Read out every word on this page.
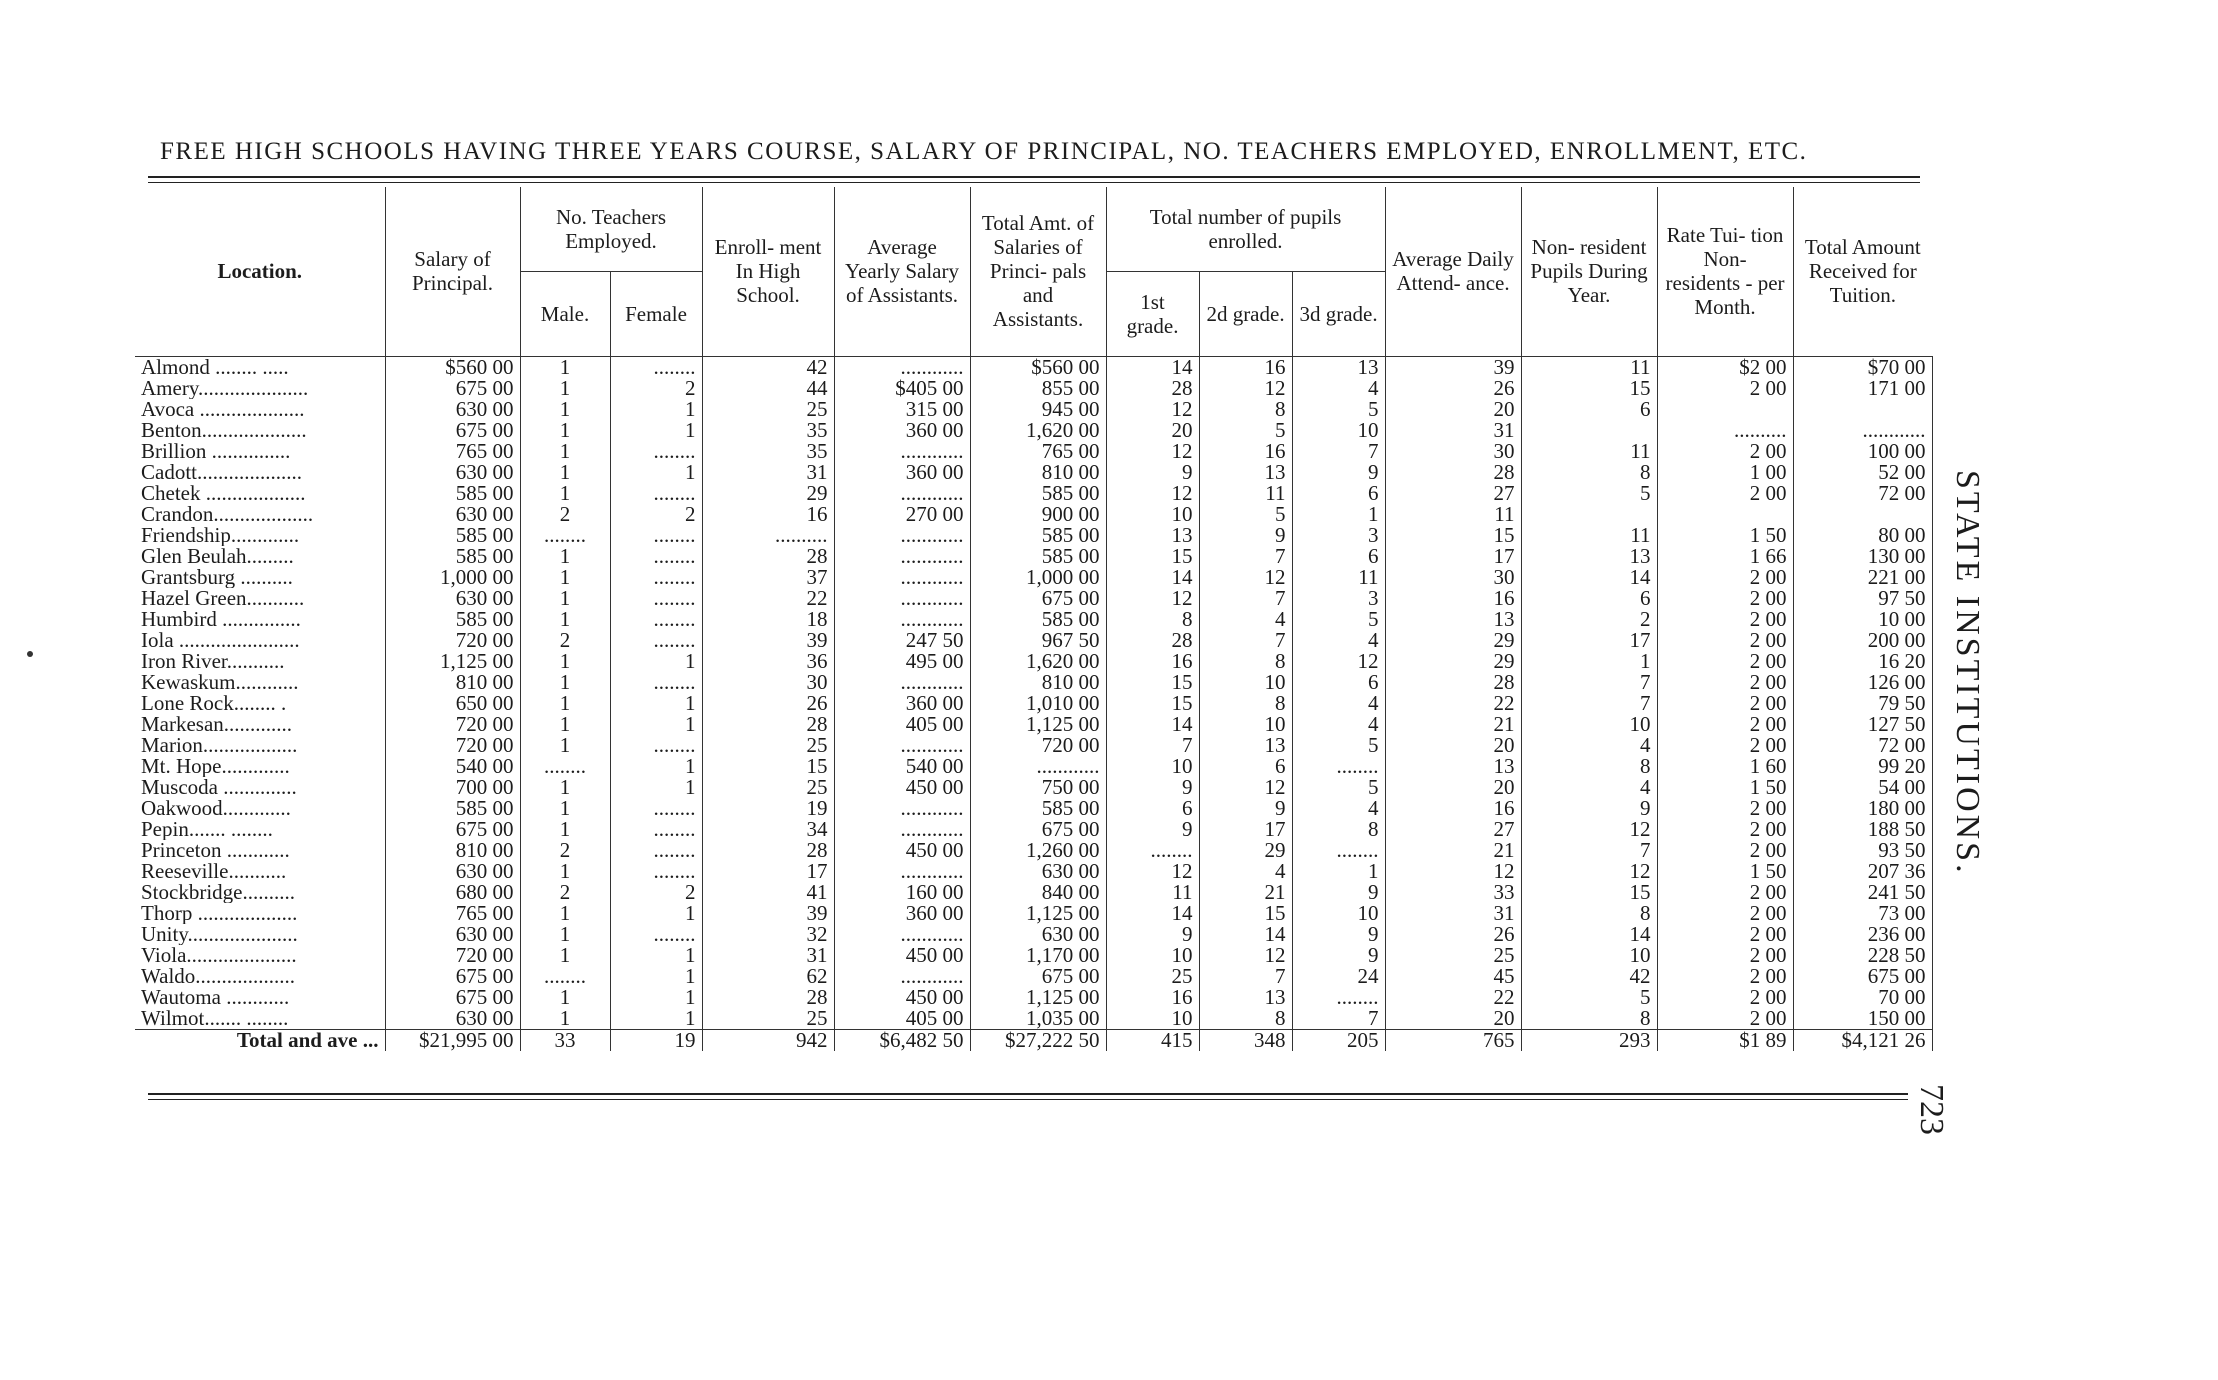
FREE HIGH SCHOOLS HAVING THREE YEARS COURSE, SALARY OF PRINCIPAL, NO. TEACHERS EMPLOYED, ENROLLMENT, ETC.
Location.	Salary of Principal.	No. Teachers Employed.		Enroll- ment In High School.	Average Yearly Salary of Assistants.	Total Amt. of Salaries of Princi- pals and Assistants.	Total number of pupils enrolled.			Average Daily Attend- ance.	Non- resident Pupils During Year.	Rate Tui- tion Non- residents - per Month.	Total Amount Received for Tuition.
		Male.	Female				1st grade.	2d grade.	3d grade.				
Almond ........ .....	$560 00	1	........	42	............	$560 00	14	16	13	39	11	$2 00	$70 00
Amery.....................	675 00	1	2	44	$405 00	855 00	28	12	4	26	15	2 00	171 00
Avoca ....................	630 00	1	1	25	315 00	945 00	12	8	5	20	6		
Benton....................	675 00	1	1	35	360 00	1,620 00	20	5	10	31		..........	............
Brillion ...............	765 00	1	........	35	............	765 00	12	16	7	30	11	2 00	100 00
Cadott....................	630 00	1	1	31	360 00	810 00	9	13	9	28	8	1 00	52 00
Chetek ...................	585 00	1	........	29	............	585 00	12	11	6	27	5	2 00	72 00
Crandon...................	630 00	2	2	16	270 00	900 00	10	5	1	11			
Friendship.............	585 00	........	........	..........	............	585 00	13	9	3	15	11	1 50	80 00
Glen Beulah.........	585 00	1	........	28	............	585 00	15	7	6	17	13	1 66	130 00
Grantsburg ..........	1,000 00	1	........	37	............	1,000 00	14	12	11	30	14	2 00	221 00
Hazel Green...........	630 00	1	........	22	............	675 00	12	7	3	16	6	2 00	97 50
Humbird ...............	585 00	1	........	18	............	585 00	8	4	5	13	2	2 00	10 00
Iola .......................	720 00	2	........	39	247 50	967 50	28	7	4	29	17	2 00	200 00
Iron River...........	1,125 00	1	1	36	495 00	1,620 00	16	8	12	29	1	2 00	16 20
Kewaskum............	810 00	1	........	30	............	810 00	15	10	6	28	7	2 00	126 00
Lone Rock........ .	650 00	1	1	26	360 00	1,010 00	15	8	4	22	7	2 00	79 50
Markesan.............	720 00	1	1	28	405 00	1,125 00	14	10	4	21	10	2 00	127 50
Marion..................	720 00	1	........	25	............	720 00	7	13	5	20	4	2 00	72 00
Mt. Hope.............	540 00	........	1	15	540 00	............	10	6	........	13	8	1 60	99 20
Muscoda ..............	700 00	1	1	25	450 00	750 00	9	12	5	20	4	1 50	54 00
Oakwood.............	585 00	1	........	19	............	585 00	6	9	4	16	9	2 00	180 00
Pepin....... ........	675 00	1	........	34	............	675 00	9	17	8	27	12	2 00	188 50
Princeton ............	810 00	2	........	28	450 00	1,260 00	........	29	........	21	7	2 00	93 50
Reeseville...........	630 00	1	........	17	............	630 00	12	4	1	12	12	1 50	207 36
Stockbridge..........	680 00	2	2	41	160 00	840 00	11	21	9	33	15	2 00	241 50
Thorp ...................	765 00	1	1	39	360 00	1,125 00	14	15	10	31	8	2 00	73 00
Unity.....................	630 00	1	........	32	............	630 00	9	14	9	26	14	2 00	236 00
Viola.....................	720 00	1	1	31	450 00	1,170 00	10	12	9	25	10	2 00	228 50
Waldo...................	675 00	........	1	62	............	675 00	25	7	24	45	42	2 00	675 00
Wautoma ............	675 00	1	1	28	450 00	1,125 00	16	13	........	22	5	2 00	70 00
Wilmot....... ........	630 00	1	1	25	405 00	1,035 00	10	8	7	20	8	2 00	150 00
Total and ave ...	$21,995 00	33	19	942	$6,482 50	$27,222 50	415	348	205	765	293	$1 89	$4,121 26
STATE INSTITUTIONS.
723
